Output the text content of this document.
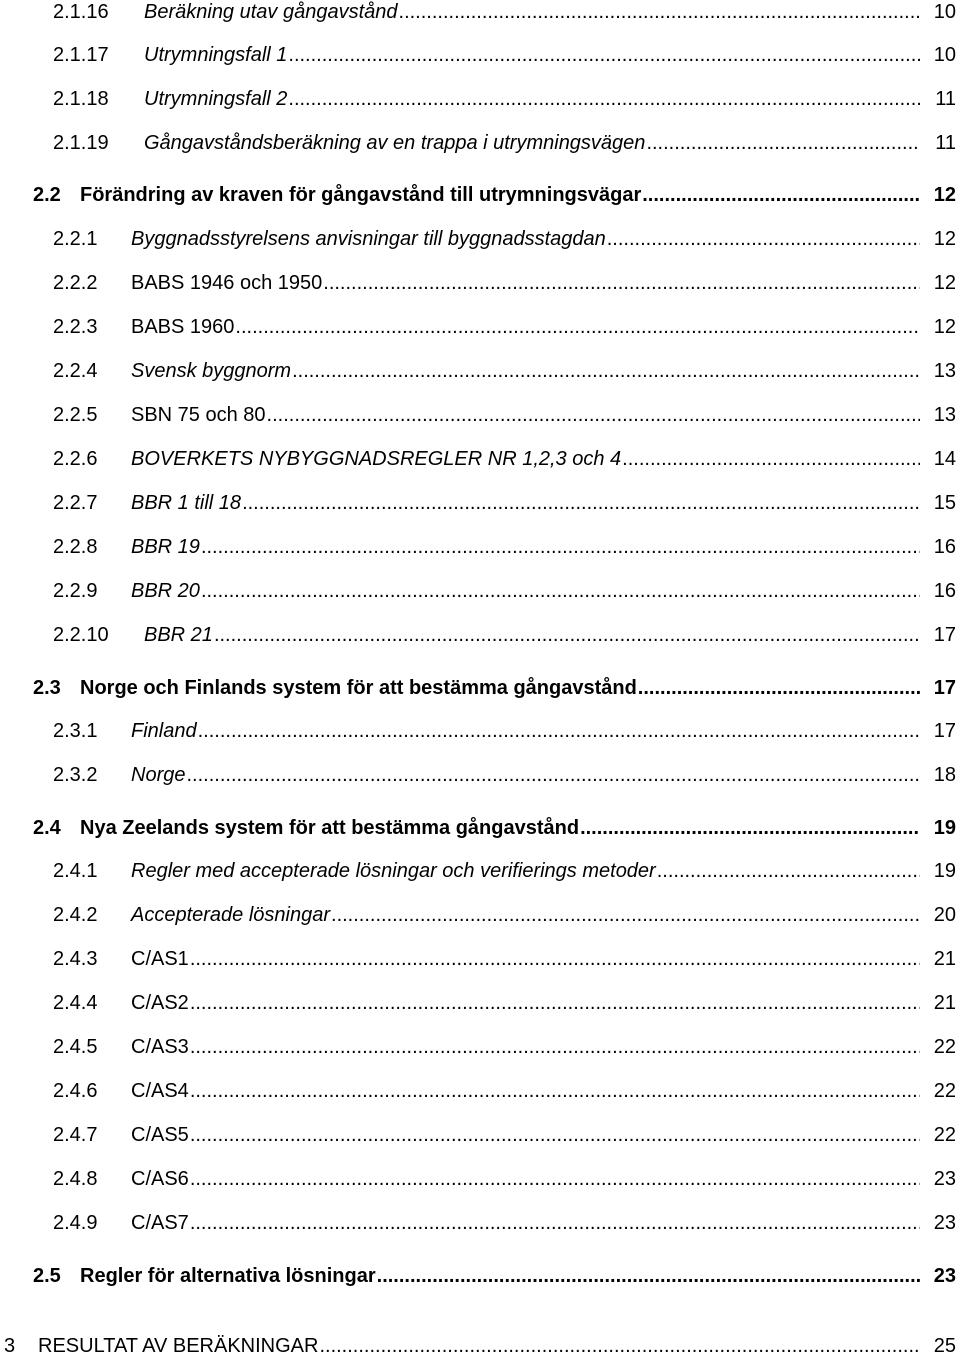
2.1.16 Beräkning utav gångavstånd .....	10
2.1.17 Utrymningsfall 1 .....	10
2.1.18 Utrymningsfall 2 .....	11
2.1.19 Gångavståndsberäkning av en trappa i utrymningsvägen .....	11
2.2 Förändring av kraven för gångavstånd till utrymningsvägar .....	12
2.2.1 Byggnadsstyrelsens anvisningar till byggnadsstagdan .....	12
2.2.2 BABS 1946 och 1950 .....	12
2.2.3 BABS 1960 .....	12
2.2.4 Svensk byggnorm .....	13
2.2.5 SBN 75 och 80 .....	13
2.2.6 BOVERKETS NYBYGGNADSREGLER NR 1,2,3 och 4 .....	14
2.2.7 BBR 1 till 18 .....	15
2.2.8 BBR 19 .....	16
2.2.9 BBR 20 .....	16
2.2.10 BBR 21 .....	17
2.3 Norge och Finlands system för att bestämma gångavstånd .....	17
2.3.1 Finland .....	17
2.3.2 Norge .....	18
2.4 Nya Zeelands system för att bestämma gångavstånd .....	19
2.4.1 Regler med accepterade lösningar och verifierings metoder .....	19
2.4.2 Accepterade lösningar .....	20
2.4.3 C/AS1 .....	21
2.4.4 C/AS2 .....	21
2.4.5 C/AS3 .....	22
2.4.6 C/AS4 .....	22
2.4.7 C/AS5 .....	22
2.4.8 C/AS6 .....	23
2.4.9 C/AS7 .....	23
2.5 Regler för alternativa lösningar .....	23
3 RESULTAT AV BERÄKNINGAR .....	25
